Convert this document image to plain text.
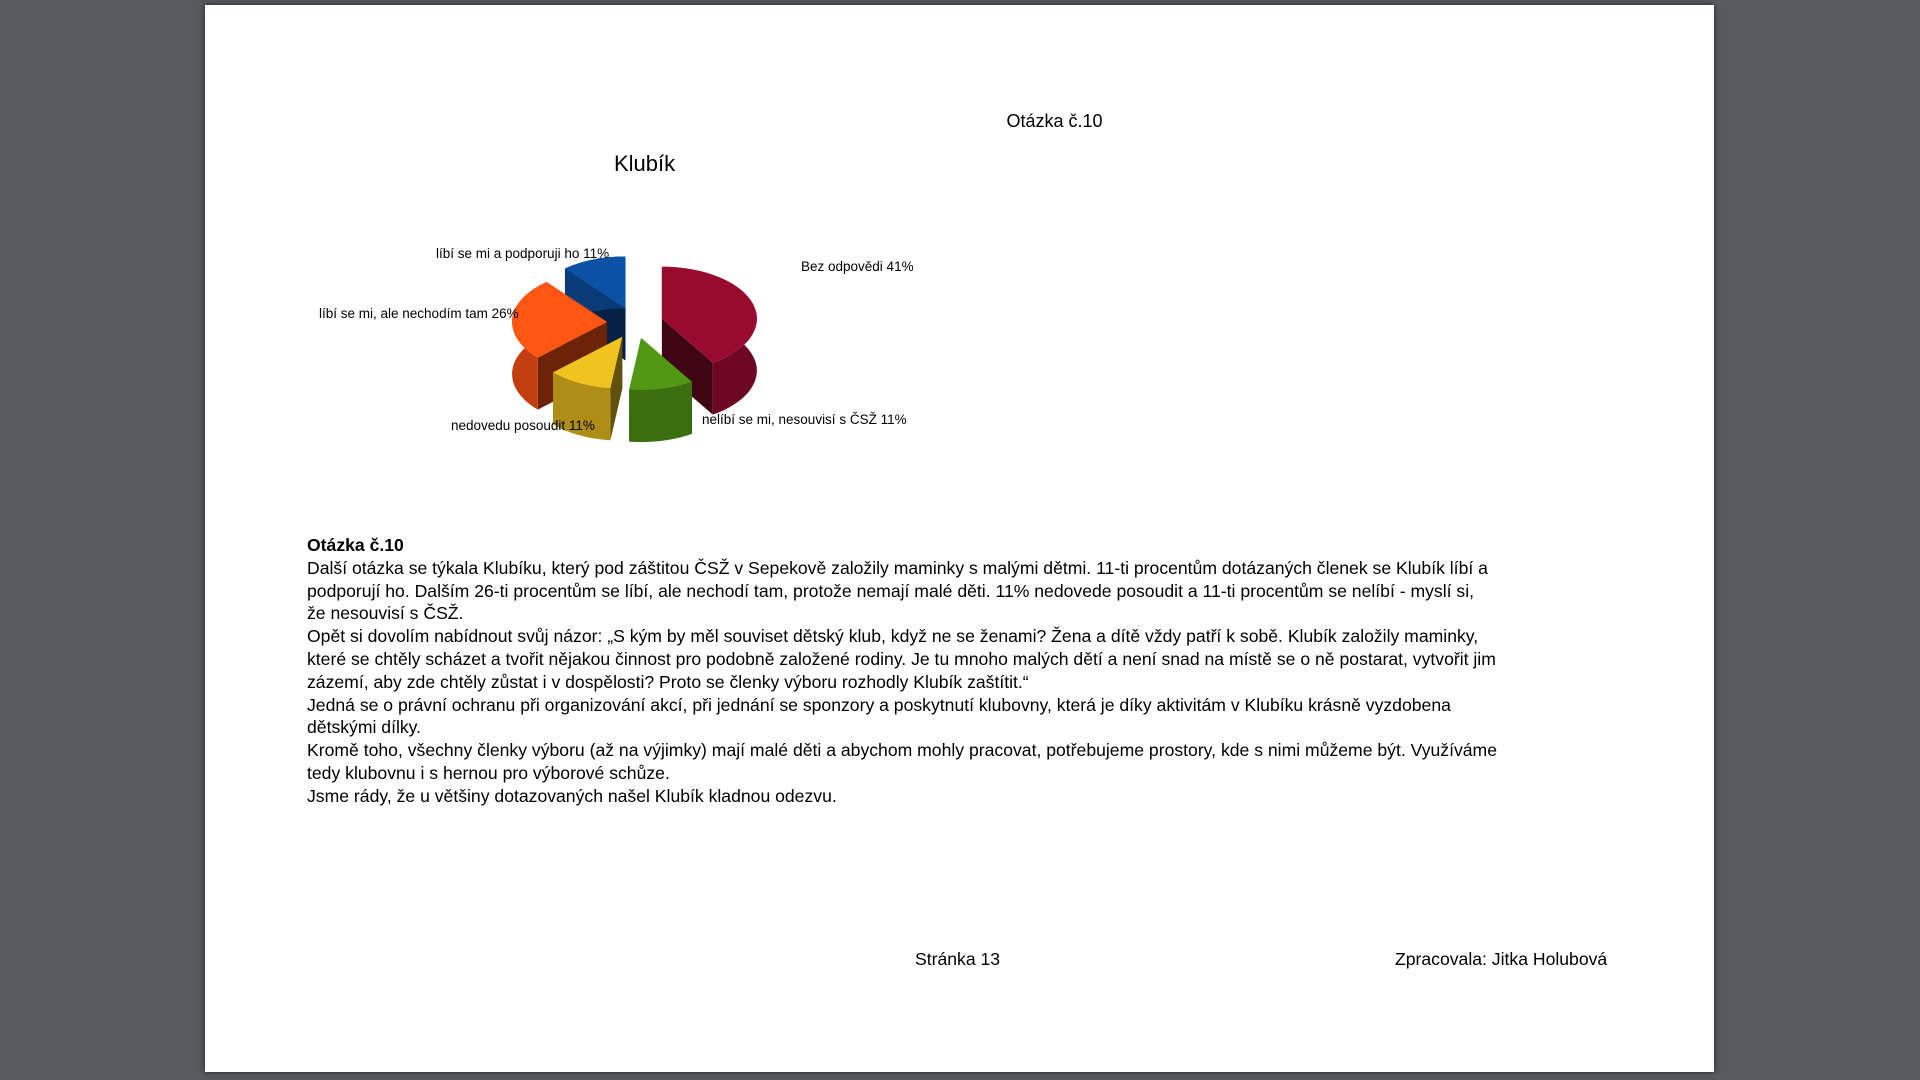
Otázka č.10
Klubík
Bez odpovědi 41%
nelíbí se mi, nesouvisí s ČSŽ 11%
nedovedu posoudit 11%
líbí se mi, ale nechodím tam 26%
líbí se mi a podporuji ho 11%

Otázka č.10

Další otázka se týkala Klubíku, který pod záštitou ČSŽ v Sepekově založily maminky s malými dětmi. 11-ti procentům dotázaných členek se Klubík líbí a podporují ho. Dalším 26-ti procentům se líbí, ale nechodí tam, protože nemají malé děti. 11% nedovede posoudit a 11-ti procentům se nelíbí - myslí si, že nesouvisí s ČSŽ.

Opět si dovolím nabídnout svůj názor: „S kým by měl souviset dětský klub, když ne se ženami? Žena a dítě vždy patří k sobě. Klubík založily maminky, které se chtěly scházet a tvořit nějakou činnost pro podobně založené rodiny. Je tu mnoho malých dětí a není snad na místě se o ně postarat, vytvořit jim zázemí, aby zde chtěly zůstat i v dospělosti? Proto se členky výboru rozhodly Klubík zaštítit.“

Jedná se o právní ochranu při organizování akcí, při jednání se sponzory a poskytnutí klubovny, která je díky aktivitám v Klubíku krásně vyzdobena dětskými dílky.

Kromě toho, všechny členky výboru (až na výjimky) mají malé děti a abychom mohly pracovat, potřebujeme prostory, kde s nimi můžeme být. Využíváme tedy klubovnu i s hernou pro výborové schůze.

Jsme rády, že u většiny dotazovaných našel Klubík kladnou odezvu.

Stránka 13	Zpracovala: Jitka Holubová
